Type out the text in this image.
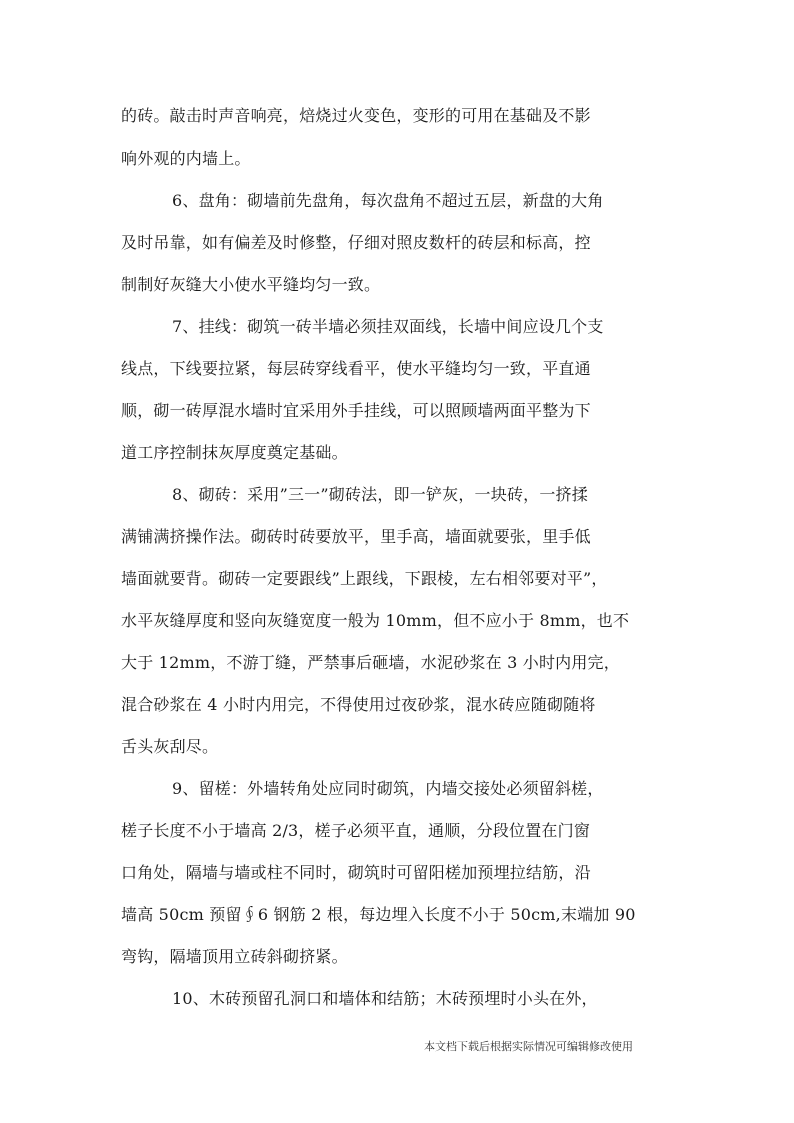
的砖。敲击时声音响亮，焙烧过火变色，变形的可用在基础及不影
响外观的内墙上。
6、盘角：砌墙前先盘角，每次盘角不超过五层，新盘的大角
及时吊靠，如有偏差及时修整，仔细对照皮数杆的砖层和标高，控
制制好灰缝大小使水平缝均匀一致。
7、挂线：砌筑一砖半墙必须挂双面线，长墙中间应设几个支
线点，下线要拉紧，每层砖穿线看平，使水平缝均匀一致，平直通
顺，砌一砖厚混水墙时宜采用外手挂线，可以照顾墙两面平整为下
道工序控制抹灰厚度奠定基础。
8、砌砖：采用”三一”砌砖法，即一铲灰，一块砖，一挤揉
满铺满挤操作法。砌砖时砖要放平，里手高，墙面就要张，里手低
墙面就要背。砌砖一定要跟线”上跟线，下跟棱，左右相邻要对平”，
水平灰缝厚度和竖向灰缝宽度一般为 10mm，但不应小于 8mm，也不
大于 12mm，不游丁缝，严禁事后砸墙，水泥砂浆在 3 小时内用完，
混合砂浆在 4 小时内用完，不得使用过夜砂浆，混水砖应随砌随将
舌头灰刮尽。
9、留槎：外墙转角处应同时砌筑，内墙交接处必须留斜槎，
槎子长度不小于墙高 2/3，槎子必须平直，通顺，分段位置在门窗
口角处，隔墙与墙或柱不同时，砌筑时可留阳槎加预埋拉结筋，沿
墙高 50cm 预留∮6 钢筋 2 根，每边埋入长度不小于 50cm,末端加 90
弯钩，隔墙顶用立砖斜砌挤紧。
10、木砖预留孔洞口和墙体和结筋；木砖预埋时小头在外，
本文档下载后根据实际情况可编辑修改使用
